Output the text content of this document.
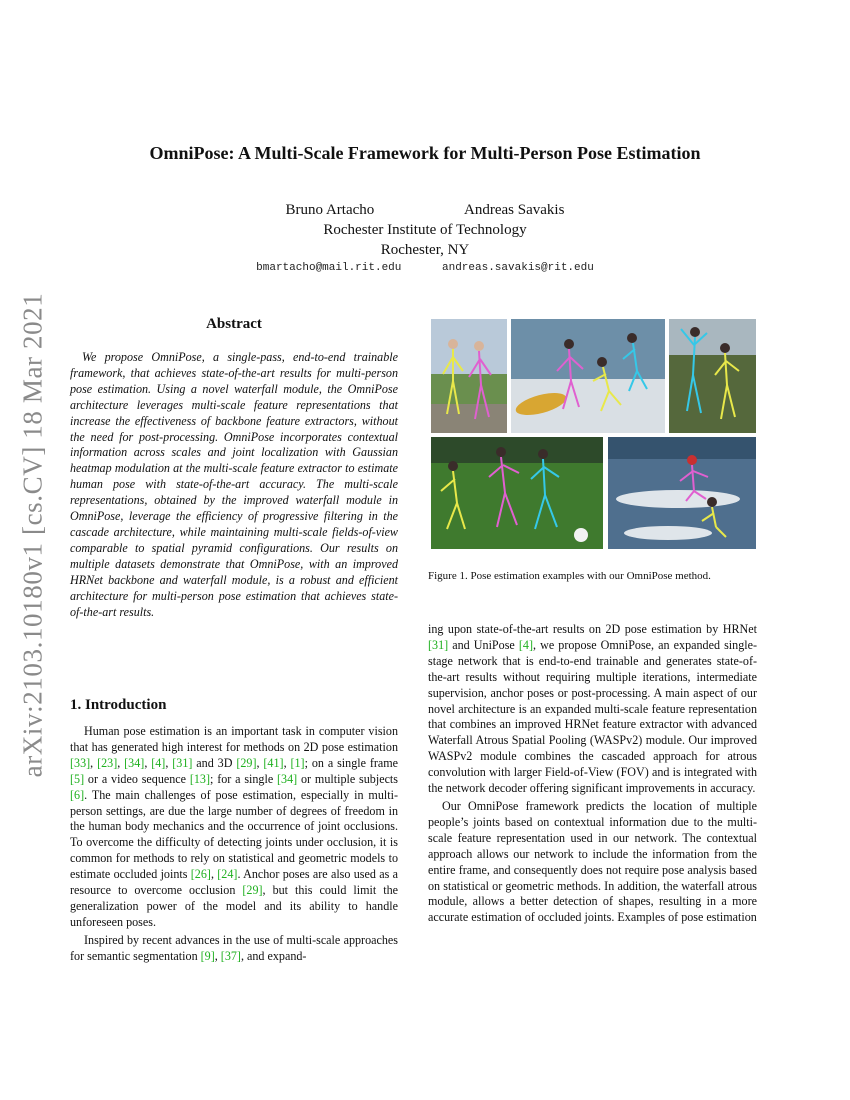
arXiv:2103.10180v1 [cs.CV] 18 Mar 2021
OmniPose: A Multi-Scale Framework for Multi-Person Pose Estimation
Bruno Artacho	Andreas Savakis
Rochester Institute of Technology
Rochester, NY
bmartacho@mail.rit.edu	andreas.savakis@rit.edu
Abstract
We propose OmniPose, a single-pass, end-to-end trainable framework, that achieves state-of-the-art results for multi-person pose estimation. Using a novel waterfall module, the OmniPose architecture leverages multi-scale feature representations that increase the effectiveness of backbone feature extractors, without the need for post-processing. OmniPose incorporates contextual information across scales and joint localization with Gaussian heatmap modulation at the multi-scale feature extractor to estimate human pose with state-of-the-art accuracy. The multi-scale representations, obtained by the improved waterfall module in OmniPose, leverage the efficiency of progressive filtering in the cascade architecture, while maintaining multi-scale fields-of-view comparable to spatial pyramid configurations. Our results on multiple datasets demonstrate that OmniPose, with an improved HRNet backbone and waterfall module, is a robust and efficient architecture for multi-person pose estimation that achieves state-of-the-art results.
1. Introduction

Human pose estimation is an important task in computer vision that has generated high interest for methods on 2D pose estimation [33], [23], [34], [4], [31] and 3D [29], [41], [1]; on a single frame [5] or a video sequence [13]; for a single [34] or multiple subjects [6]. The main challenges of pose estimation, especially in multi-person settings, are due the large number of degrees of freedom in the human body mechanics and the occurrence of joint occlusions. To overcome the difficulty of detecting joints under occlusion, it is common for methods to rely on statistical and geometric models to estimate occluded joints [26], [24]. Anchor poses are also used as a resource to overcome occlusion [29], but this could limit the generalization power of the model and its ability to handle unforeseen poses.

Inspired by recent advances in the use of multi-scale approaches for semantic segmentation [9], [37], and expand-

ing upon state-of-the-art results on 2D pose estimation by HRNet [31] and UniPose [4], we propose OmniPose, an expanded single-stage network that is end-to-end trainable and generates state-of-the-art results without requiring multiple iterations, intermediate supervision, anchor poses or post-processing. A main aspect of our novel architecture is an expanded multi-scale feature representation that combines an improved HRNet feature extractor with advanced Waterfall Atrous Spatial Pooling (WASPv2) module. Our improved WASPv2 module combines the cascaded approach for atrous convolution with larger Field-of-View (FOV) and is integrated with the network decoder offering significant improvements in accuracy.

Our OmniPose framework predicts the location of multiple people’s joints based on contextual information due to the multi-scale feature representation used in our network. The contextual approach allows our network to include the information from the entire frame, and consequently does not require pose analysis based on statistical or geometric methods. In addition, the waterfall atrous module, allows a better detection of shapes, resulting in a more accurate estimation of occluded joints. Examples of pose estimation

Figure 1. Pose estimation examples with our OmniPose method.
